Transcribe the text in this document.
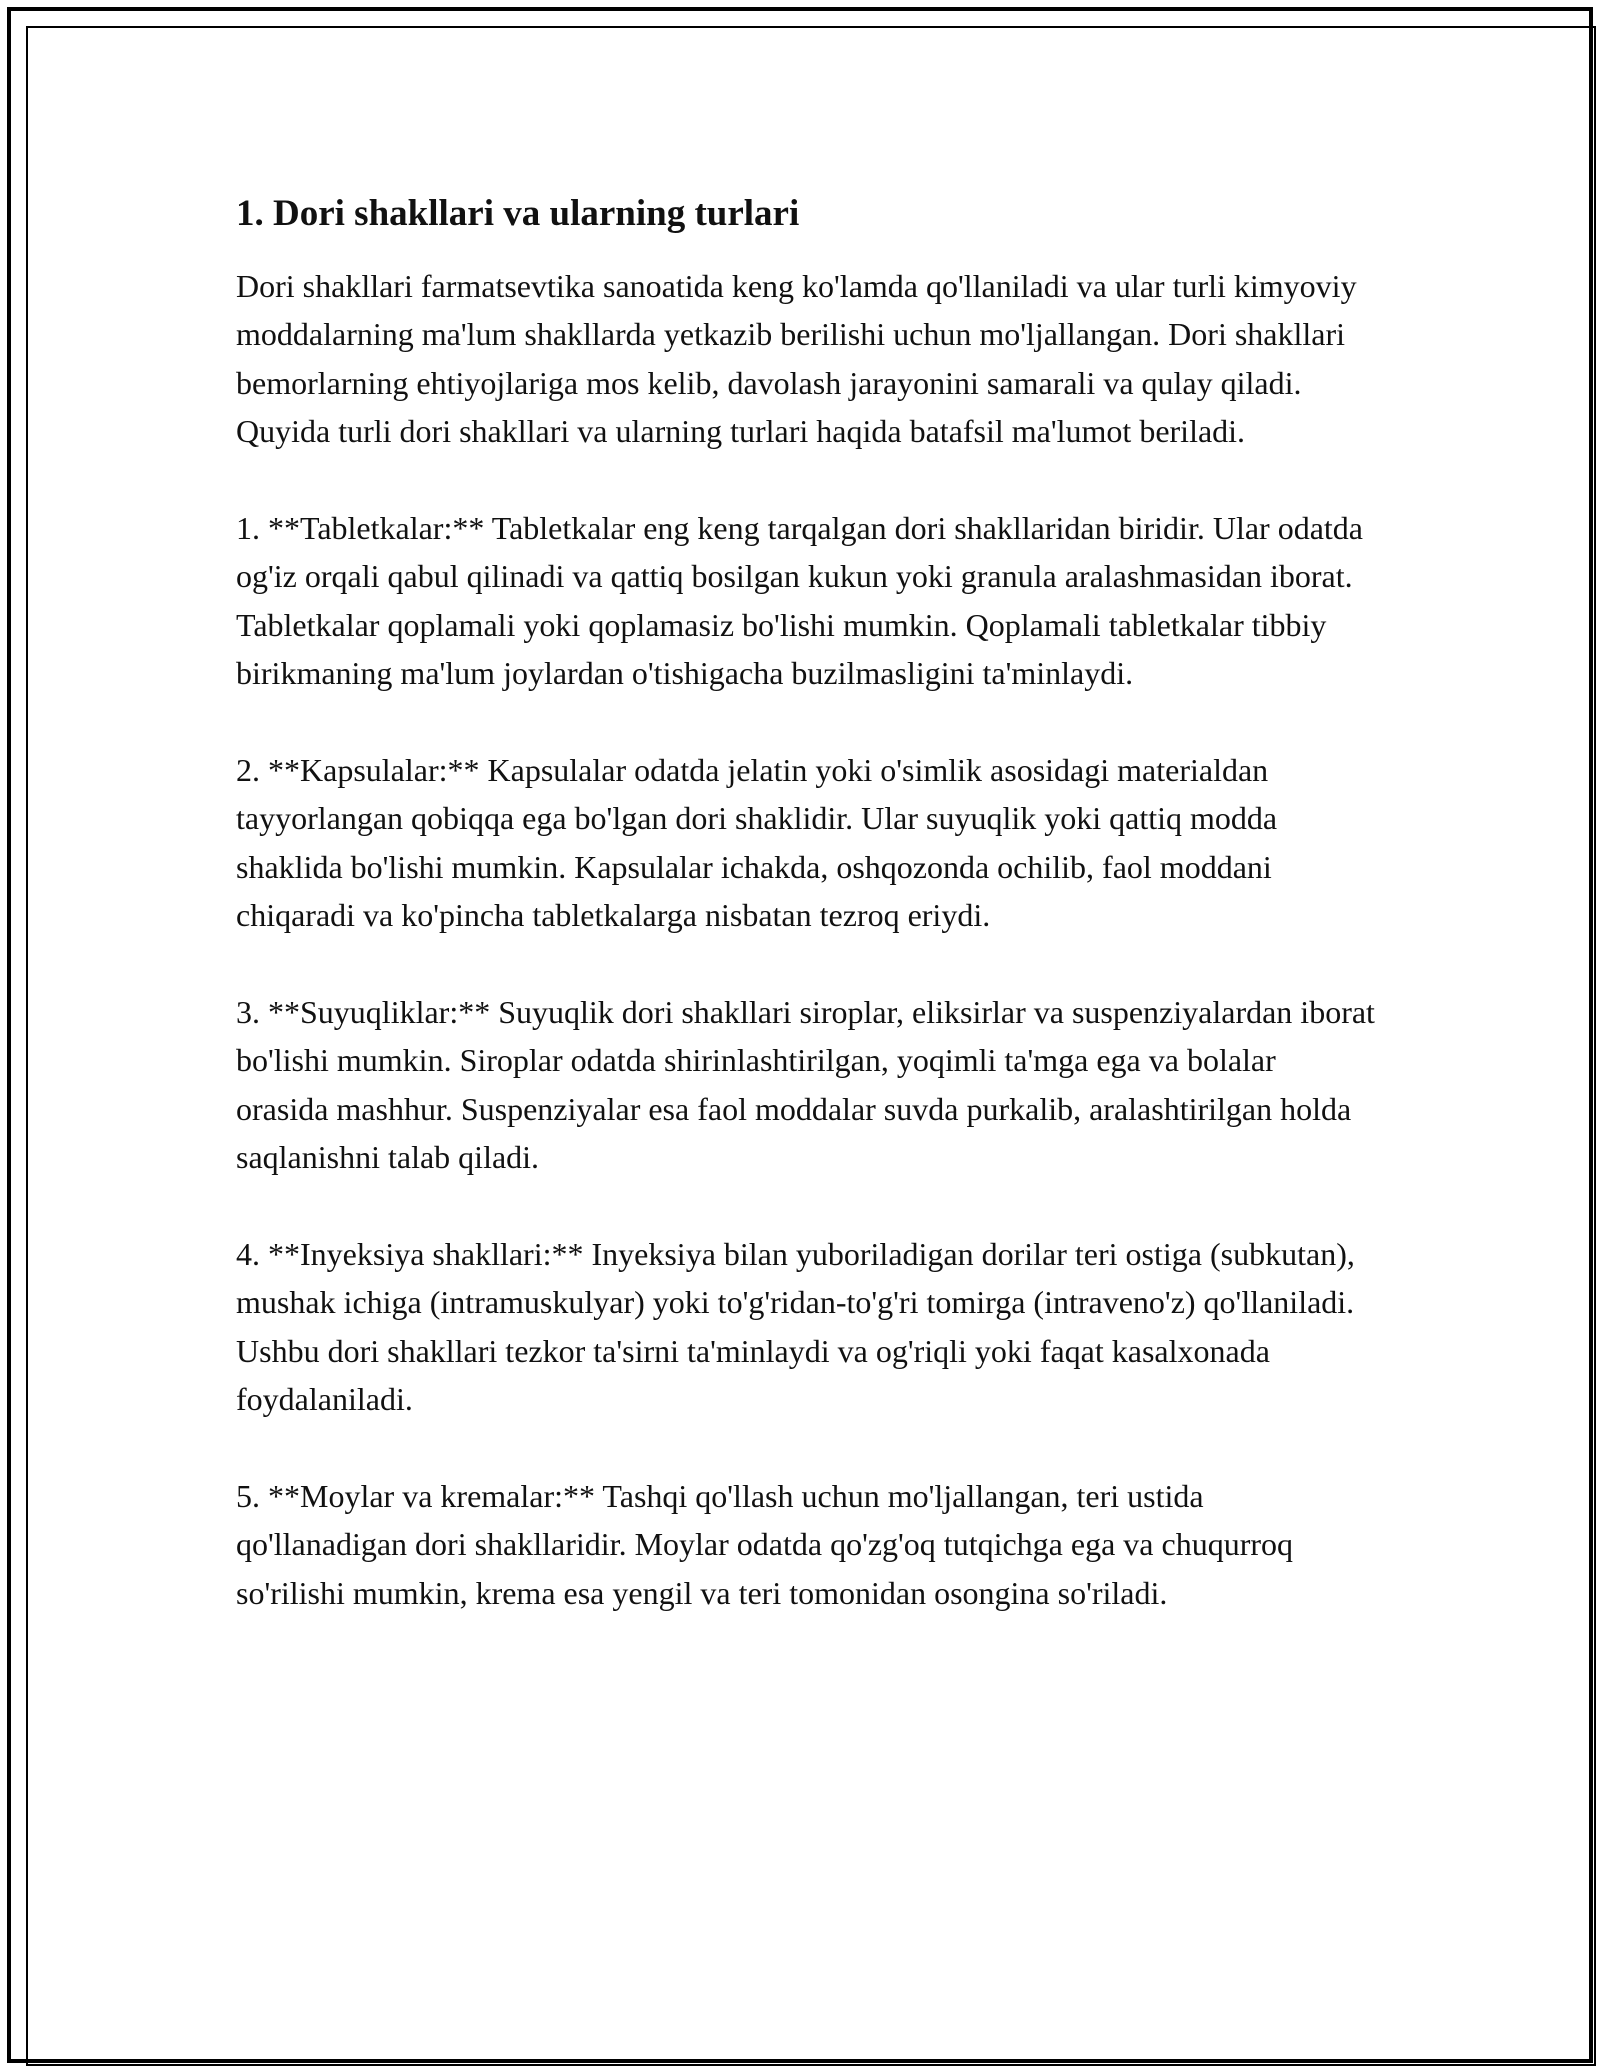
1. Dori shakllari va ularning turlari

Dori shakllari farmatsevtika sanoatida keng ko'lamda qo'llaniladi va ular turli kimyoviy moddalarning ma'lum shakllarda yetkazib berilishi uchun mo'ljallangan. Dori shakllari bemorlarning ehtiyojlariga mos kelib, davolash jarayonini samarali va qulay qiladi. Quyida turli dori shakllari va ularning turlari haqida batafsil ma'lumot beriladi.

1. **Tabletkalar:** Tabletkalar eng keng tarqalgan dori shakllaridan biridir. Ular odatda og'iz orqali qabul qilinadi va qattiq bosilgan kukun yoki granula aralashmasidan iborat. Tabletkalar qoplamali yoki qoplamasiz bo'lishi mumkin. Qoplamali tabletkalar tibbiy birikmaning ma'lum joylardan o'tishigacha buzilmasligini ta'minlaydi.

2. **Kapsulalar:** Kapsulalar odatda jelatin yoki o'simlik asosidagi materialdan tayyorlangan qobiqqa ega bo'lgan dori shaklidir. Ular suyuqlik yoki qattiq modda shaklida bo'lishi mumkin. Kapsulalar ichakda, oshqozonda ochilib, faol moddani chiqaradi va ko'pincha tabletkalarga nisbatan tezroq eriydi.

3. **Suyuqliklar:** Suyuqlik dori shakllari siroplar, eliksirlar va suspenziyalardan iborat bo'lishi mumkin. Siroplar odatda shirinlashtirilgan, yoqimli ta'mga ega va bolalar orasida mashhur. Suspenziyalar esa faol moddalar suvda purkalib, aralashtirilgan holda saqlanishni talab qiladi.

4. **Inyeksiya shakllari:** Inyeksiya bilan yuboriladigan dorilar teri ostiga (subkutan), mushak ichiga (intramuskulyar) yoki to'g'ridan-to'g'ri tomirga (intraveno'z) qo'llaniladi. Ushbu dori shakllari tezkor ta'sirni ta'minlaydi va og'riqli yoki faqat kasalxonada foydalaniladi.

5. **Moylar va kremalar:** Tashqi qo'llash uchun mo'ljallangan, teri ustida qo'llanadigan dori shakllaridir. Moylar odatda qo'zg'oq tutqichga ega va chuqurroq so'rilishi mumkin, krema esa yengil va teri tomonidan osongina so'riladi.
